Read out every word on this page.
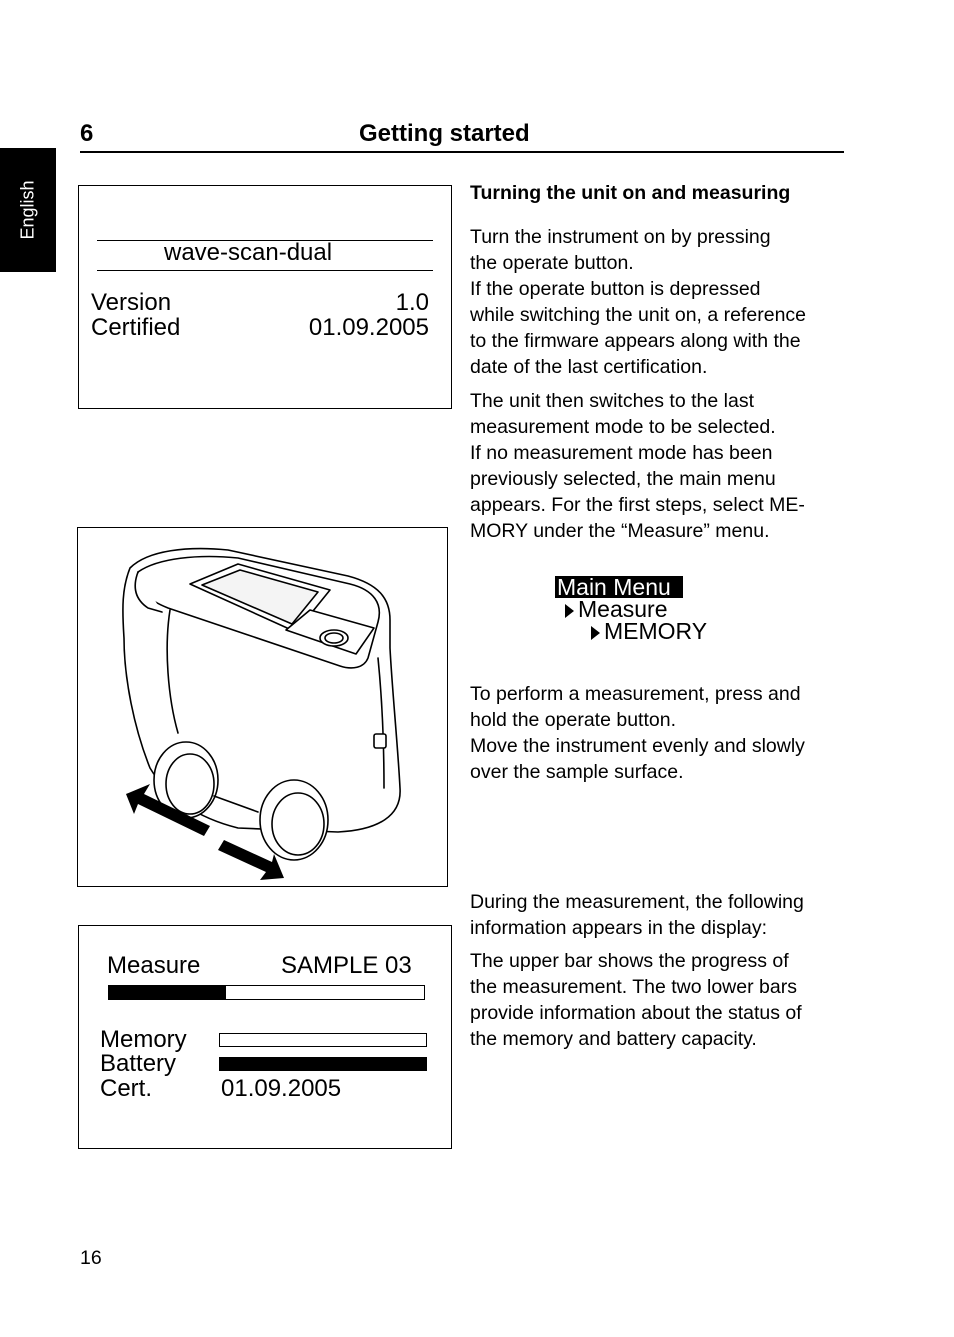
English
6	Getting started
wave-scan-dual
Version	1.0
Certified	01.09.2005
Measure	SAMPLE 03
Memory
Battery
Cert.	01.09.2005
Turning the unit on and measuring
Turn the instrument on by pressing
the operate button.
If the operate button is depressed
while switching the unit on, a reference
to the firmware appears along with the
date of the last certification.
The unit then switches to the last
measurement mode to be selected.
If no measurement mode has been
previously selected, the main menu
appears. For the first steps, select ME-
MORY under the “Measure” menu.
Main Menu
Measure
MEMORY
To perform a measurement, press and
hold the operate button.
Move the instrument evenly and slowly
over the sample surface.
During the measurement, the following
information appears in the display:
The upper bar shows the progress of
the measurement. The two lower bars
provide information about the status of
the memory and battery capacity.
16
